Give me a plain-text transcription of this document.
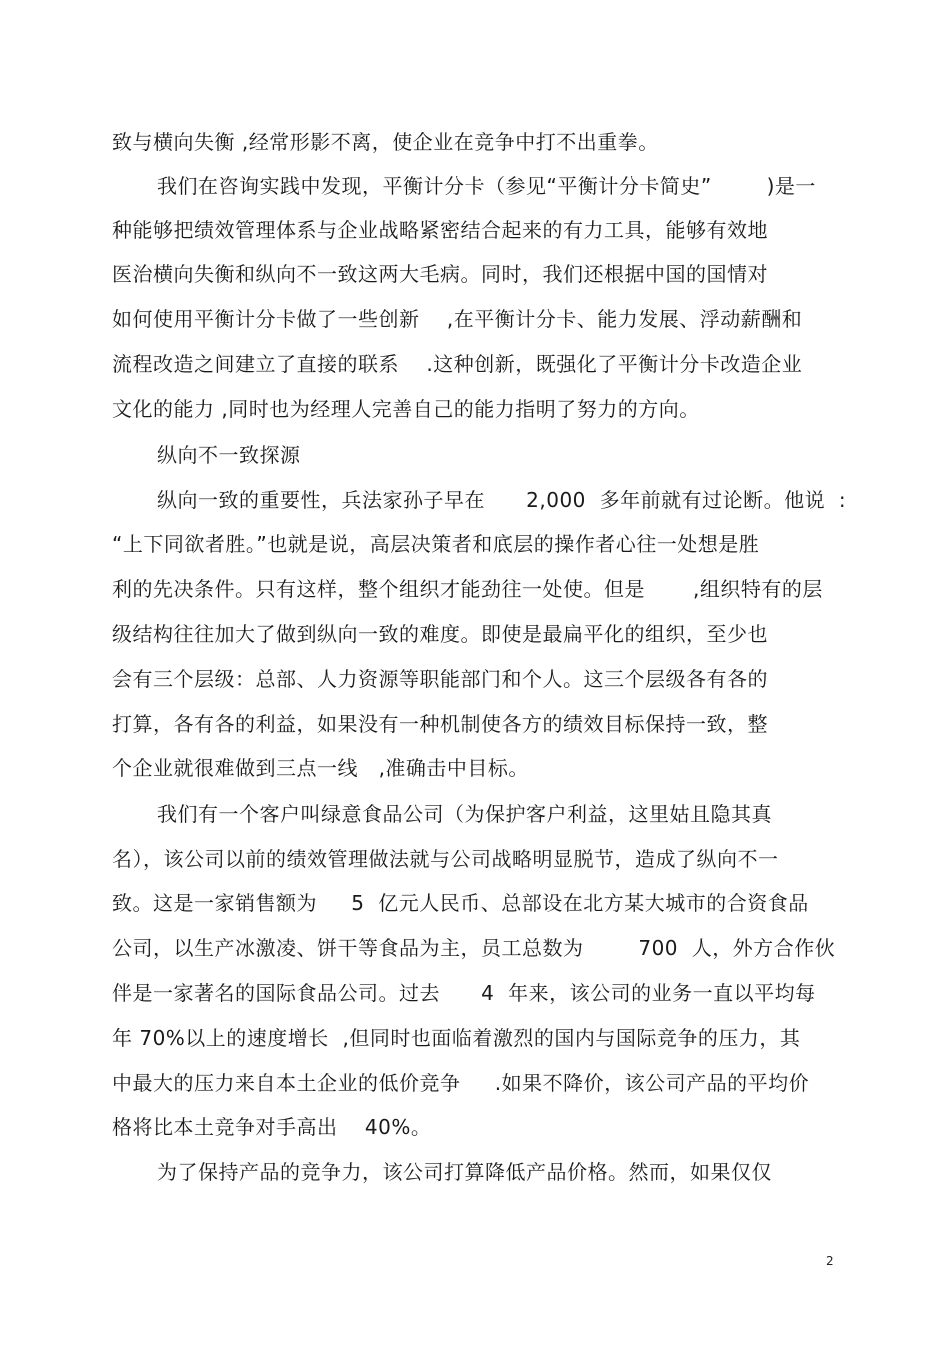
致与横向失衡 ,经常形影不离，使企业在竞争中打不出重拳。
我们在咨询实践中发现，平衡计分卡（参见“平衡计分卡简史”        )是一
种能够把绩效管理体系与企业战略紧密结合起来的有力工具，能够有效地
医治横向失衡和纵向不一致这两大毛病。同时，我们还根据中国的国情对
如何使用平衡计分卡做了一些创新    ,在平衡计分卡、能力发展、浮动薪酬和
流程改造之间建立了直接的联系    .这种创新，既强化了平衡计分卡改造企业
文化的能力 ,同时也为经理人完善自己的能力指明了努力的方向。
纵向不一致探源
纵向一致的重要性，兵法家孙子早在      2,000  多年前就有过论断。他说  :
“上下同欲者胜。”也就是说，高层决策者和底层的操作者心往一处想是胜
利的先决条件。只有这样，整个组织才能劲往一处使。但是       ,组织特有的层
级结构往往加大了做到纵向一致的难度。即使是最扁平化的组织，至少也
会有三个层级：总部、人力资源等职能部门和个人。这三个层级各有各的
打算，各有各的利益，如果没有一种机制使各方的绩效目标保持一致，整
个企业就很难做到三点一线   ,准确击中目标。
我们有一个客户叫绿意食品公司（为保护客户利益，这里姑且隐其真
名），该公司以前的绩效管理做法就与公司战略明显脱节，造成了纵向不一
致。这是一家销售额为     5  亿元人民币、总部设在北方某大城市的合资食品
公司，以生产冰激凌、饼干等食品为主，员工总数为        700  人，外方合作伙
伴是一家著名的国际食品公司。过去      4  年来，该公司的业务一直以平均每
年 70%以上的速度增长  ,但同时也面临着激烈的国内与国际竞争的压力，其
中最大的压力来自本土企业的低价竞争     .如果不降价，该公司产品的平均价
格将比本土竞争对手高出    40%。
为了保持产品的竞争力，该公司打算降低产品价格。然而，如果仅仅
2
